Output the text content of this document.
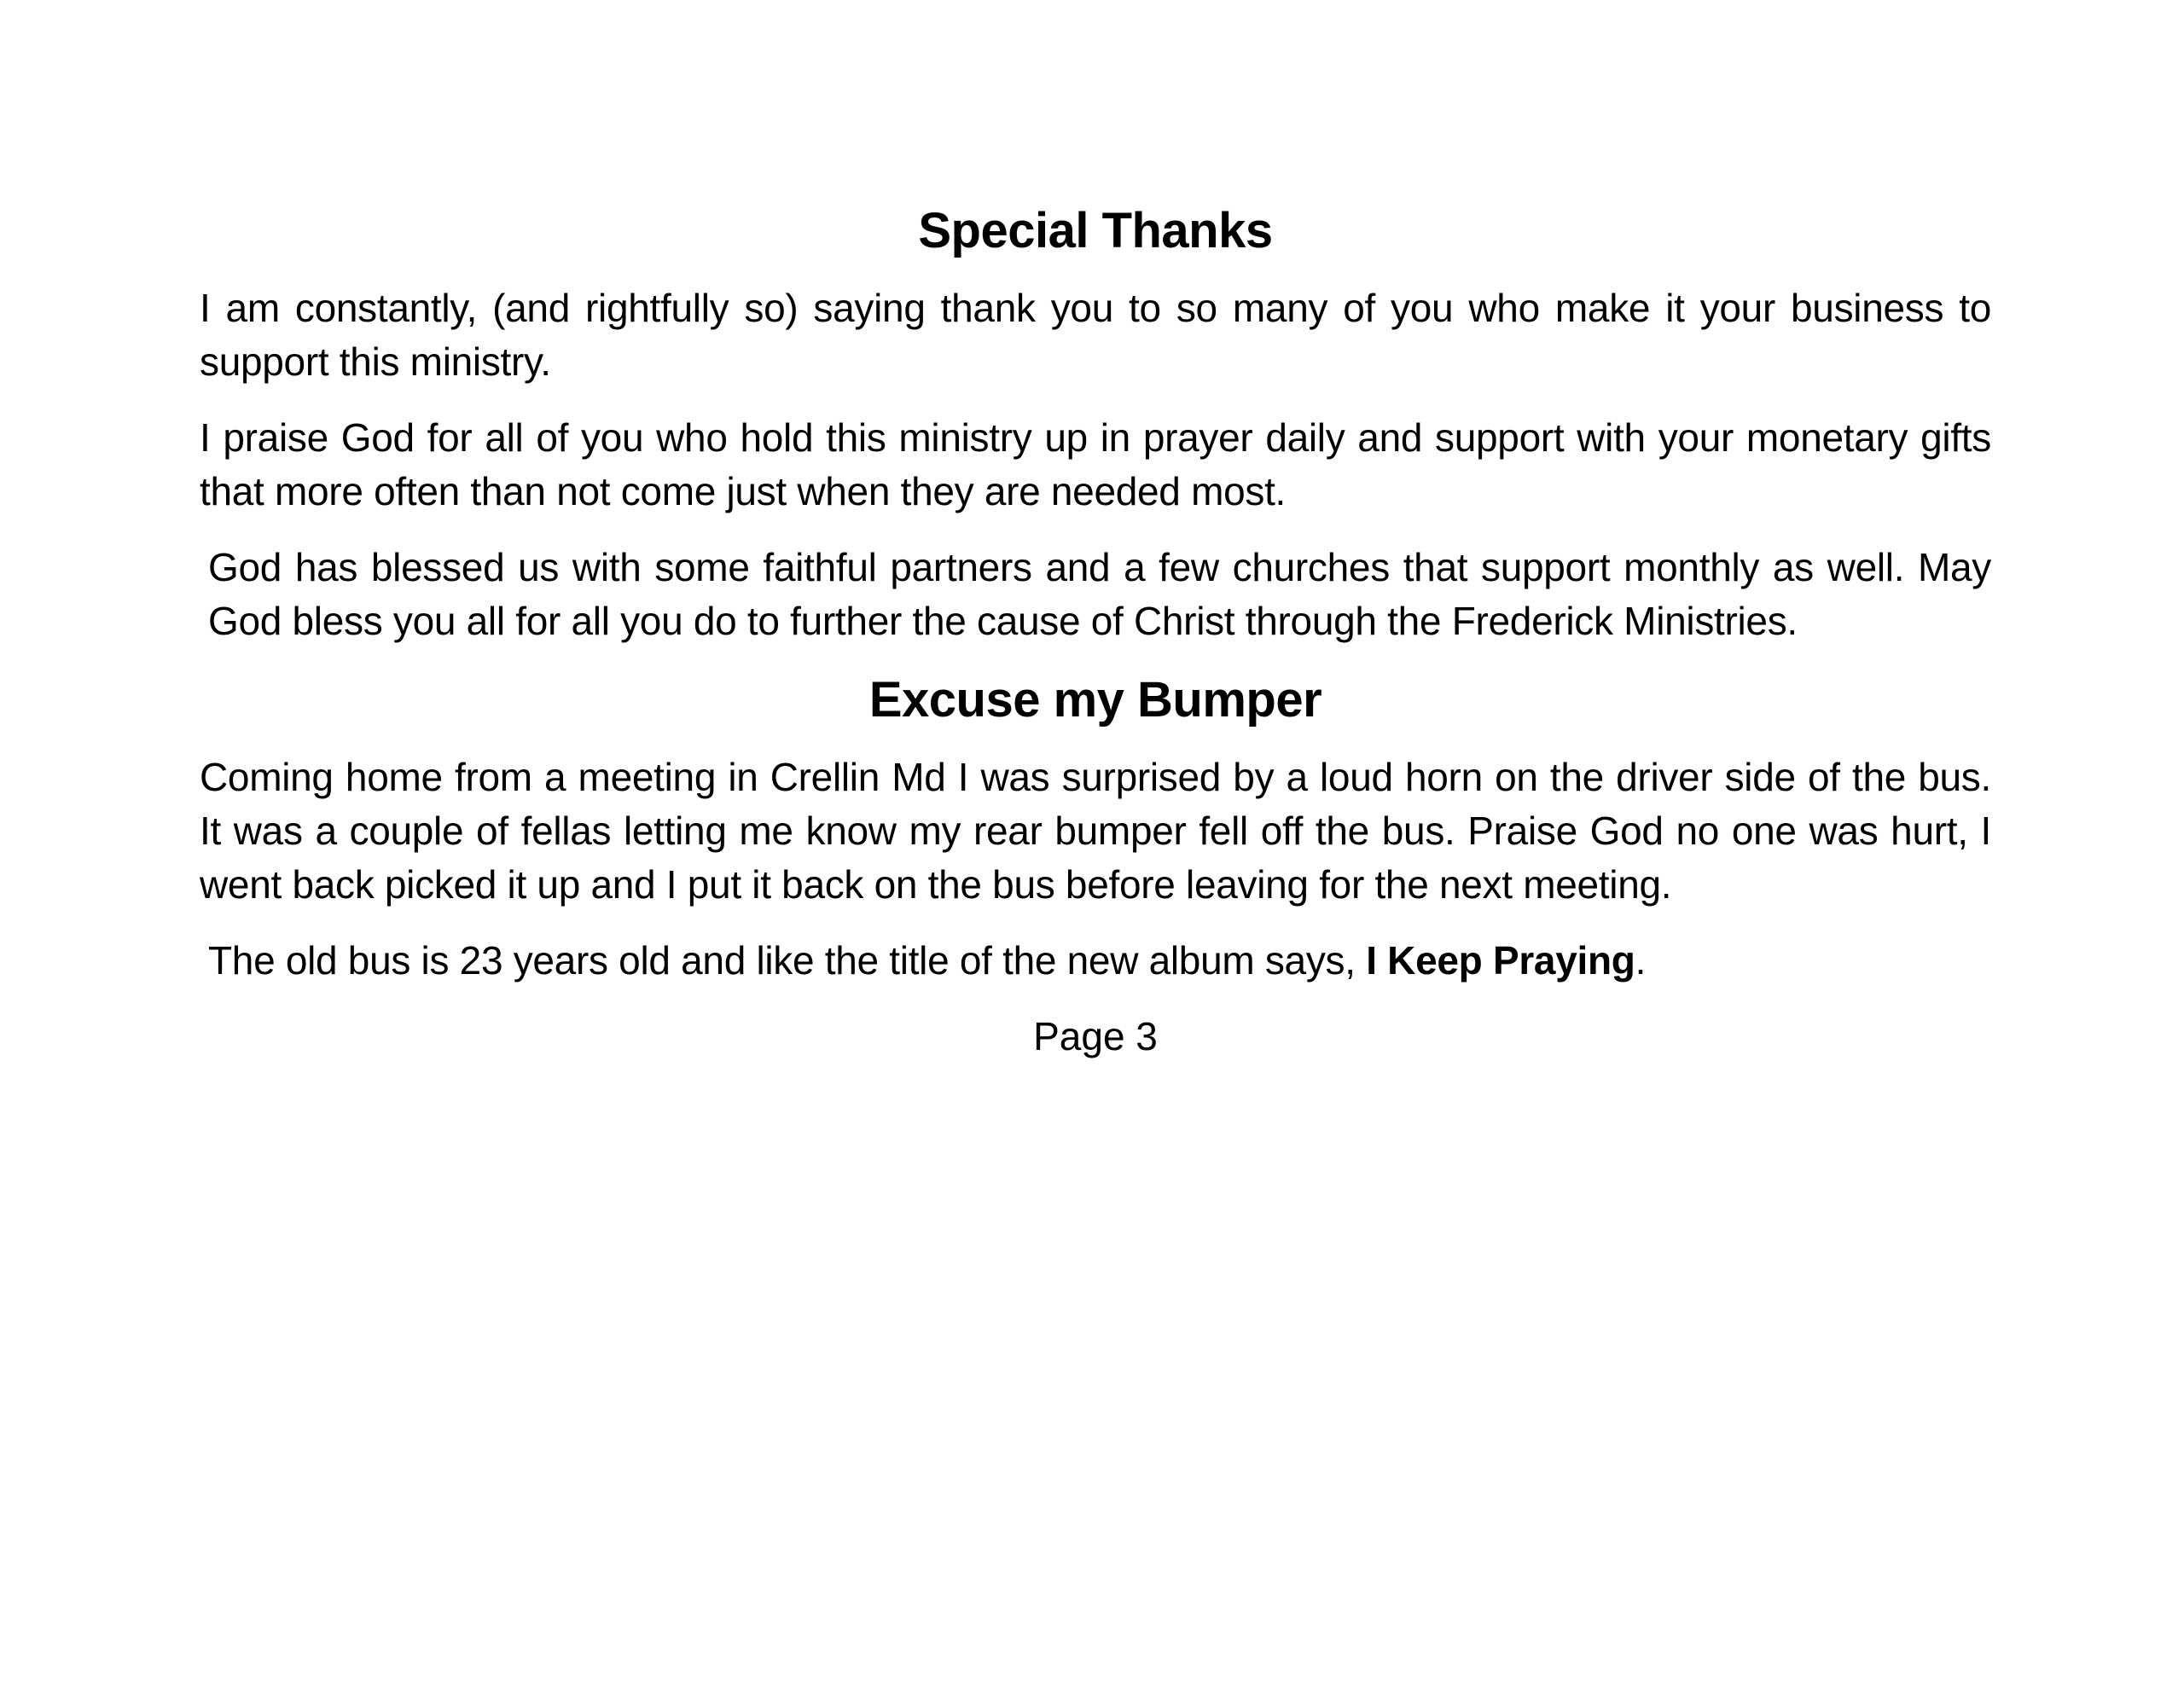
Special Thanks

I am constantly, (and rightfully so) saying thank you to so many of you who make it your business to support this ministry.

I praise God for all of you who hold this ministry up in prayer daily and support with your monetary gifts that more often than not come just when they are needed most.

God has blessed us with some faithful partners and a few churches that support monthly as well. May God bless you all for all you do to further the cause of Christ through the Frederick Ministries.

Excuse my Bumper

Coming home from a meeting in Crellin Md I was surprised by a loud horn on the driver side of the bus. It was a couple of fellas letting me know my rear bumper fell off the bus. Praise God no one was hurt, I went back picked it up and I put it back on the bus before leaving for the next meeting.

The old bus is 23 years old and like the title of the new album says, I Keep Praying.

Page 3
